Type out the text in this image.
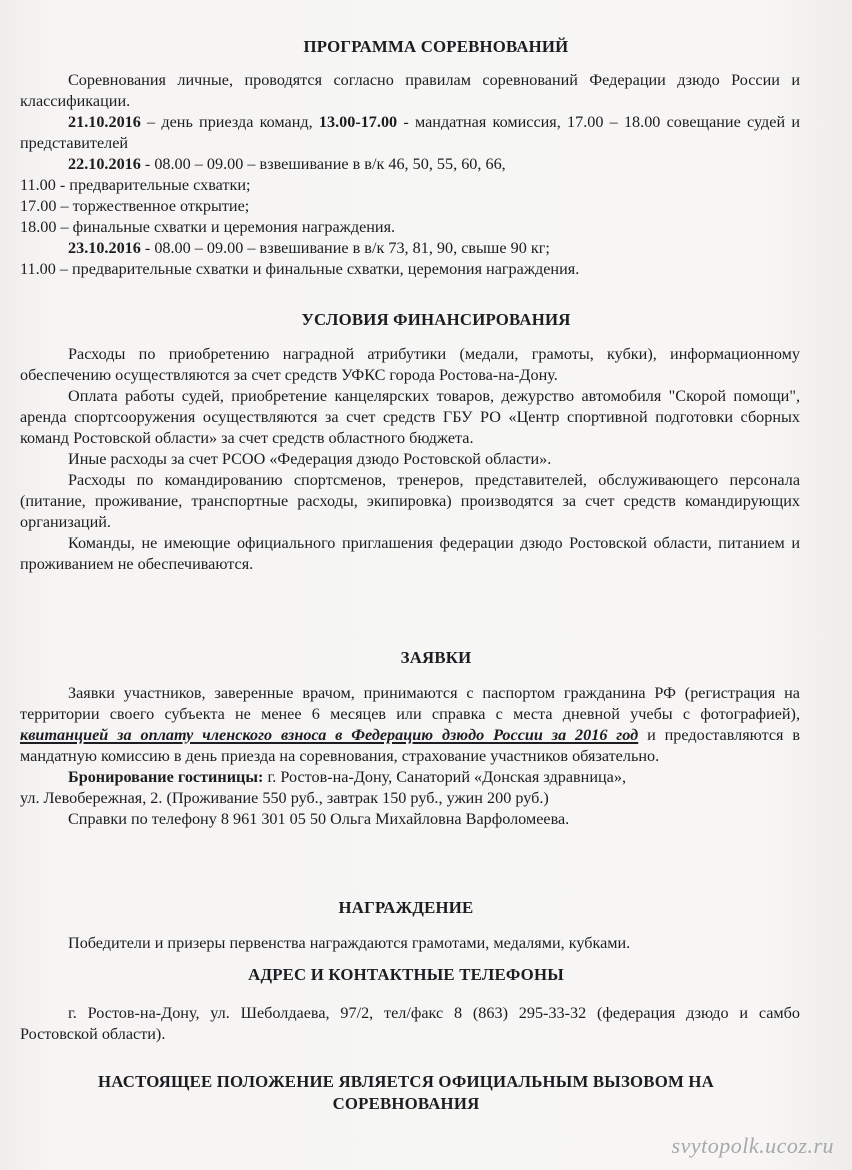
ПРОГРАММА СОРЕВНОВАНИЙ

Соревнования личные, проводятся согласно правилам соревнований Федерации дзюдо России и классификации.

21.10.2016 – день приезда команд, 13.00-17.00 - мандатная комиссия, 17.00 – 18.00 совещание судей и представителей

22.10.2016 - 08.00 – 09.00 – взвешивание в в/к 46, 50, 55, 60, 66,

11.00 - предварительные схватки;

17.00 – торжественное открытие;

18.00 – финальные схватки и церемония награждения.

23.10.2016 - 08.00 – 09.00 – взвешивание в в/к 73, 81, 90, свыше 90 кг;

11.00 – предварительные схватки и финальные схватки, церемония награждения.

УСЛОВИЯ ФИНАНСИРОВАНИЯ

Расходы по приобретению наградной атрибутики (медали, грамоты, кубки), информационному обеспечению осуществляются за счет средств УФКС города Ростова-на-Дону.

Оплата работы судей, приобретение канцелярских товаров, дежурство автомобиля "Скорой помощи", аренда спортсооружения осуществляются за счет средств ГБУ РО «Центр спортивной подготовки сборных команд Ростовской области» за счет средств областного бюджета.

Иные расходы за счет РСОО «Федерация дзюдо Ростовской области».

Расходы по командированию спортсменов, тренеров, представителей, обслуживающего персонала (питание, проживание, транспортные расходы, экипировка) производятся за счет средств командирующих организаций.

Команды, не имеющие официального приглашения федерации дзюдо Ростовской области, питанием и проживанием не обеспечиваются.

ЗАЯВКИ

Заявки участников, заверенные врачом, принимаются с паспортом гражданина РФ (регистрация на территории своего субъекта не менее 6 месяцев или справка с места дневной учебы с фотографией), квитанцией за оплату членского взноса в Федерацию дзюдо России за 2016 год и предоставляются в мандатную комиссию в день приезда на соревнования, страхование участников обязательно.

Бронирование гостиницы: г. Ростов-на-Дону, Санаторий «Донская здравница»,

ул. Левобережная, 2. (Проживание 550 руб., завтрак 150 руб., ужин 200 руб.)

Справки по телефону 8 961 301 05 50 Ольга Михайловна Варфоломеева.

НАГРАЖДЕНИЕ

Победители и призеры первенства награждаются грамотами, медалями, кубками.

АДРЕС И КОНТАКТНЫЕ ТЕЛЕФОНЫ

г. Ростов-на-Дону, ул. Шеболдаева, 97/2, тел/факс 8 (863) 295-33-32 (федерация дзюдо и самбо Ростовской области).

НАСТОЯЩЕЕ ПОЛОЖЕНИЕ ЯВЛЯЕТСЯ ОФИЦИАЛЬНЫМ ВЫЗОВОМ НА
СОРЕВНОВАНИЯ
svytopolk.ucoz.ru
